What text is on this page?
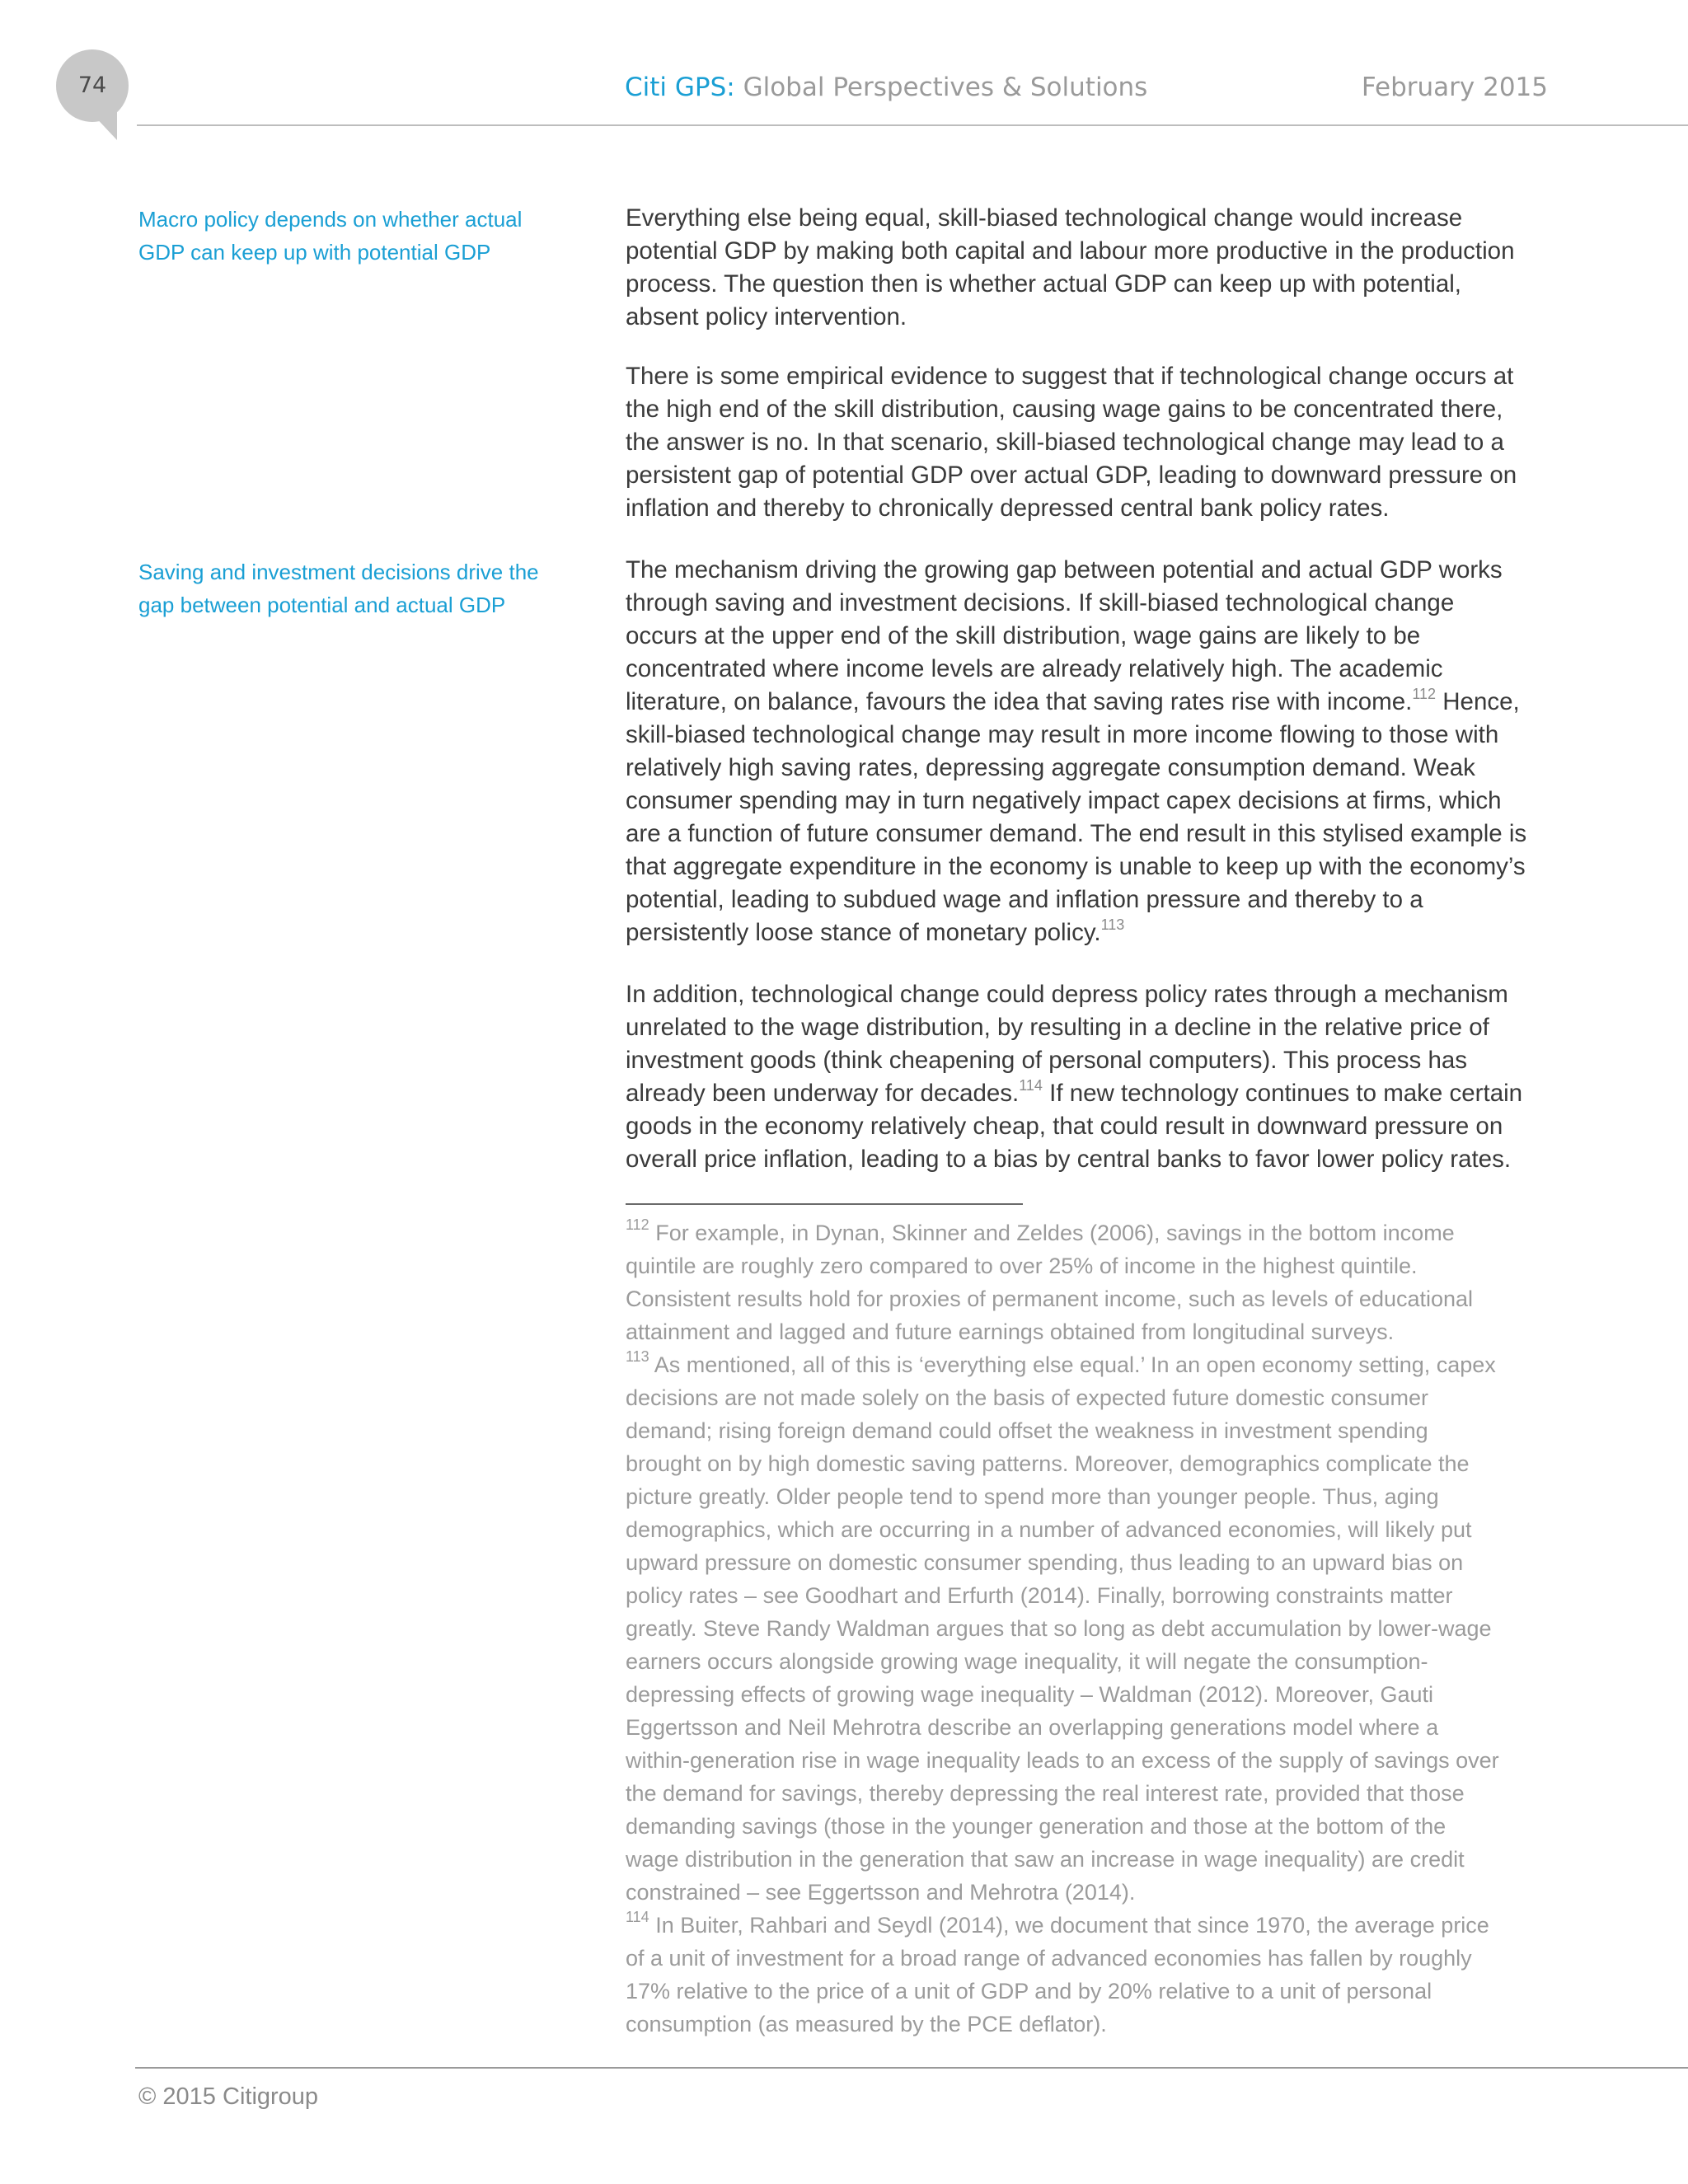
74	Citi GPS: Global Perspectives & Solutions	February 2015
Macro policy depends on whether actual
GDP can keep up with potential GDP
Saving and investment decisions drive the
gap between potential and actual GDP

Everything else being equal, skill-biased technological change would increase
potential GDP by making both capital and labour more productive in the production
process. The question then is whether actual GDP can keep up with potential,
absent policy intervention.

There is some empirical evidence to suggest that if technological change occurs at
the high end of the skill distribution, causing wage gains to be concentrated there,
the answer is no. In that scenario, skill-biased technological change may lead to a
persistent gap of potential GDP over actual GDP, leading to downward pressure on
inflation and thereby to chronically depressed central bank policy rates.

The mechanism driving the growing gap between potential and actual GDP works
through saving and investment decisions. If skill-biased technological change
occurs at the upper end of the skill distribution, wage gains are likely to be
concentrated where income levels are already relatively high. The academic
literature, on balance, favours the idea that saving rates rise with income.$^{112}$ Hence,
skill-biased technological change may result in more income flowing to those with
relatively high saving rates, depressing aggregate consumption demand. Weak
consumer spending may in turn negatively impact capex decisions at firms, which
are a function of future consumer demand. The end result in this stylised example is
that aggregate expenditure in the economy is unable to keep up with the economy’s
potential, leading to subdued wage and inflation pressure and thereby to a
persistently loose stance of monetary policy.$^{113}$

In addition, technological change could depress policy rates through a mechanism
unrelated to the wage distribution, by resulting in a decline in the relative price of
investment goods (think cheapening of personal computers). This process has
already been underway for decades.$^{114}$ If new technology continues to make certain
goods in the economy relatively cheap, that could result in downward pressure on
overall price inflation, leading to a bias by central banks to favor lower policy rates.

$^{112}$ For example, in Dynan, Skinner and Zeldes (2006), savings in the bottom income
quintile are roughly zero compared to over 25% of income in the highest quintile.
Consistent results hold for proxies of permanent income, such as levels of educational
attainment and lagged and future earnings obtained from longitudinal surveys.

$^{113}$ As mentioned, all of this is ‘everything else equal.’ In an open economy setting, capex
decisions are not made solely on the basis of expected future domestic consumer
demand; rising foreign demand could offset the weakness in investment spending
brought on by high domestic saving patterns. Moreover, demographics complicate the
picture greatly. Older people tend to spend more than younger people. Thus, aging
demographics, which are occurring in a number of advanced economies, will likely put
upward pressure on domestic consumer spending, thus leading to an upward bias on
policy rates – see Goodhart and Erfurth (2014). Finally, borrowing constraints matter
greatly. Steve Randy Waldman argues that so long as debt accumulation by lower-wage
earners occurs alongside growing wage inequality, it will negate the consumption-
depressing effects of growing wage inequality – Waldman (2012). Moreover, Gauti
Eggertsson and Neil Mehrotra describe an overlapping generations model where a
within-generation rise in wage inequality leads to an excess of the supply of savings over
the demand for savings, thereby depressing the real interest rate, provided that those
demanding savings (those in the younger generation and those at the bottom of the
wage distribution in the generation that saw an increase in wage inequality) are credit
constrained – see Eggertsson and Mehrotra (2014).

$^{114}$ In Buiter, Rahbari and Seydl (2014), we document that since 1970, the average price
of a unit of investment for a broad range of advanced economies has fallen by roughly
17% relative to the price of a unit of GDP and by 20% relative to a unit of personal
consumption (as measured by the PCE deflator).

© 2015 Citigroup
